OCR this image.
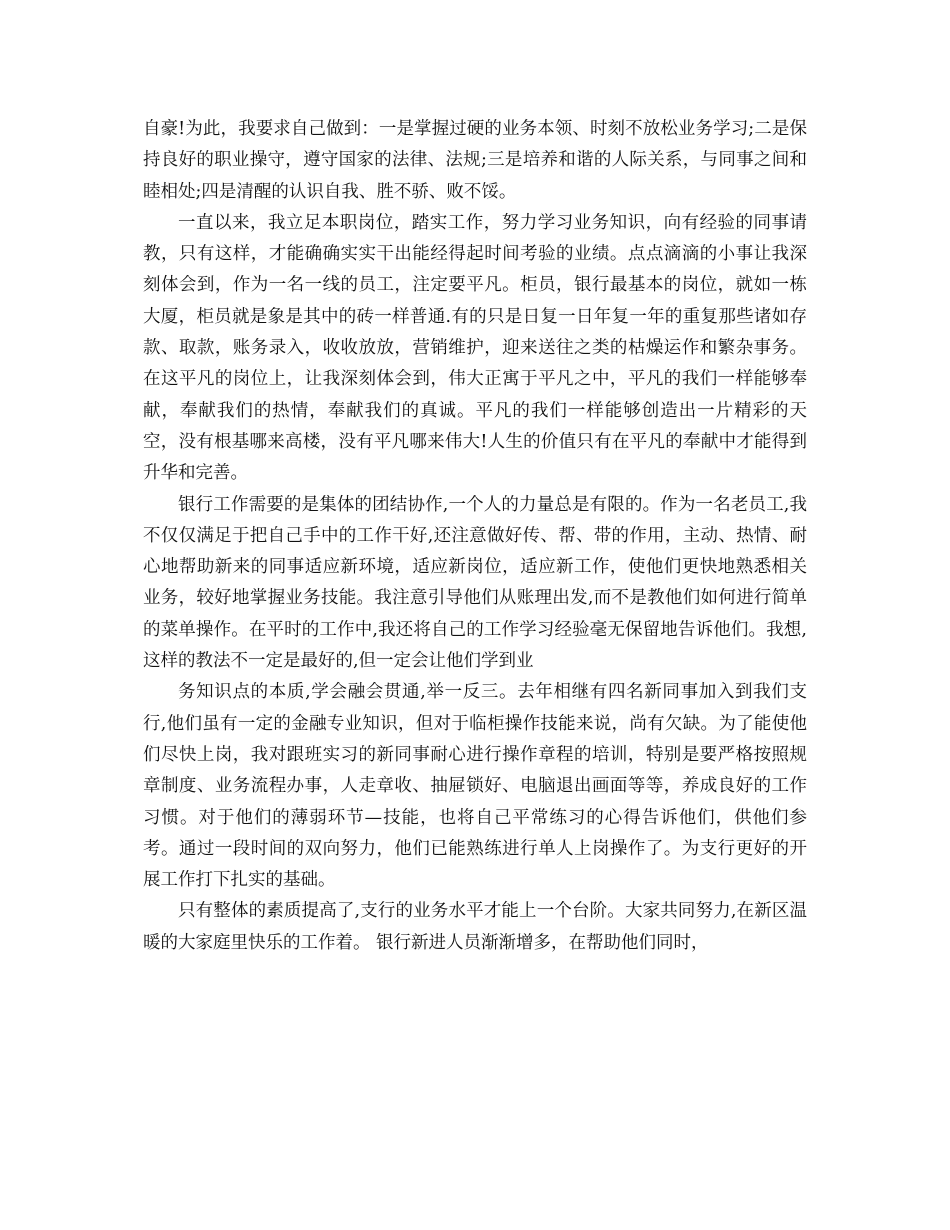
自豪!为此，我要求自己做到：一是掌握过硬的业务本领、时刻不放松业务学习;二是保持良好的职业操守，遵守国家的法律、法规;三是培养和谐的人际关系，与同事之间和睦相处;四是清醒的认识自我、胜不骄、败不馁。

一直以来，我立足本职岗位，踏实工作，努力学习业务知识，向有经验的同事请教，只有这样，才能确确实实干出能经得起时间考验的业绩。点点滴滴的小事让我深刻体会到，作为一名一线的员工，注定要平凡。柜员，银行最基本的岗位，就如一栋大厦，柜员就是象是其中的砖一样普通.有的只是日复一日年复一年的重复那些诸如存款、取款，账务录入，收收放放，营销维护，迎来送往之类的枯燥运作和繁杂事务。在这平凡的岗位上，让我深刻体会到，伟大正寓于平凡之中，平凡的我们一样能够奉献，奉献我们的热情，奉献我们的真诚。平凡的我们一样能够创造出一片精彩的天空，没有根基哪来高楼，没有平凡哪来伟大!人生的价值只有在平凡的奉献中才能得到升华和完善。

银行工作需要的是集体的团结协作,一个人的力量总是有限的。作为一名老员工,我不仅仅满足于把自己手中的工作干好,还注意做好传、帮、带的作用，主动、热情、耐心地帮助新来的同事适应新环境，适应新岗位，适应新工作，使他们更快地熟悉相关业务，较好地掌握业务技能。我注意引导他们从账理出发,而不是教他们如何进行简单的菜单操作。在平时的工作中,我还将自己的工作学习经验毫无保留地告诉他们。我想,这样的教法不一定是最好的,但一定会让他们学到业

务知识点的本质,学会融会贯通,举一反三。去年相继有四名新同事加入到我们支行,他们虽有一定的金融专业知识，但对于临柜操作技能来说，尚有欠缺。为了能使他们尽快上岗，我对跟班实习的新同事耐心进行操作章程的培训，特别是要严格按照规章制度、业务流程办事，人走章收、抽屉锁好、电脑退出画面等等，养成良好的工作习惯。对于他们的薄弱环节—技能，也将自己平常练习的心得告诉他们，供他们参考。通过一段时间的双向努力，他们已能熟练进行单人上岗操作了。为支行更好的开展工作打下扎实的基础。

只有整体的素质提高了,支行的业务水平才能上一个台阶。大家共同努力,在新区温暖的大家庭里快乐的工作着。 银行新进人员渐渐增多，在帮助他们同时，
